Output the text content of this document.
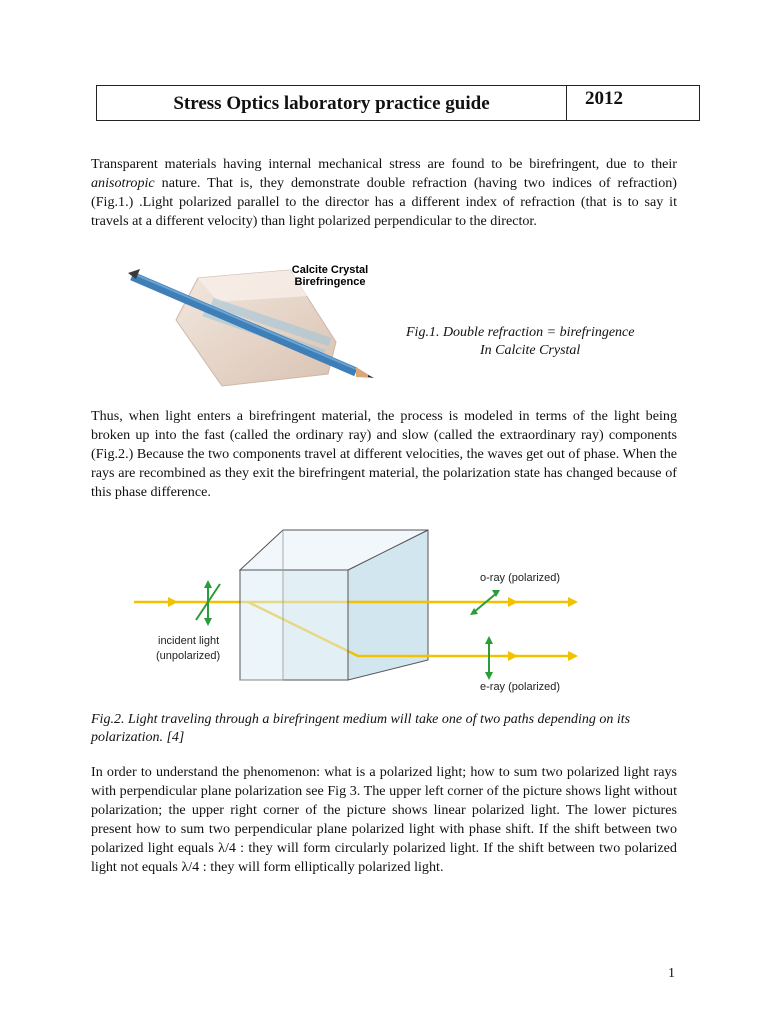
Stress Optics laboratory practice guide	2012

Transparent materials having internal mechanical stress are found to be birefringent, due to their anisotropic nature. That is, they demonstrate double refraction (having two indices of refraction) (Fig.1.) .Light polarized parallel to the director has a different index of refraction (that is to say it travels at a different velocity) than light polarized perpendicular to the director.

Calcite Crystal
Birefringence

Fig.1. Double refraction = birefringence

In Calcite Crystal

Thus, when light enters a birefringent material, the process is modeled in terms of the light being broken up into the fast (called the ordinary ray) and slow (called the extraordinary ray) components (Fig.2.) Because the two components travel at different velocities, the waves get out of phase. When the rays are recombined as they exit the birefringent material, the polarization state has changed because of this phase difference.

o-ray (polarized)
e-ray (polarized)
incident light
(unpolarized)

Fig.2. Light traveling through a birefringent medium will take one of two paths depending on its polarization. [4]

In order to understand the phenomenon: what is a polarized light; how to sum two polarized light rays with perpendicular plane polarization see Fig 3. The upper left corner of the picture shows light without polarization; the upper right corner of the picture shows linear polarized light. The lower pictures present how to sum two perpendicular plane polarized light with phase shift. If the shift between two polarized light equals λ/4 : they will form circularly polarized light. If the shift between two polarized light not equals λ/4 : they will form elliptically polarized light.

1
